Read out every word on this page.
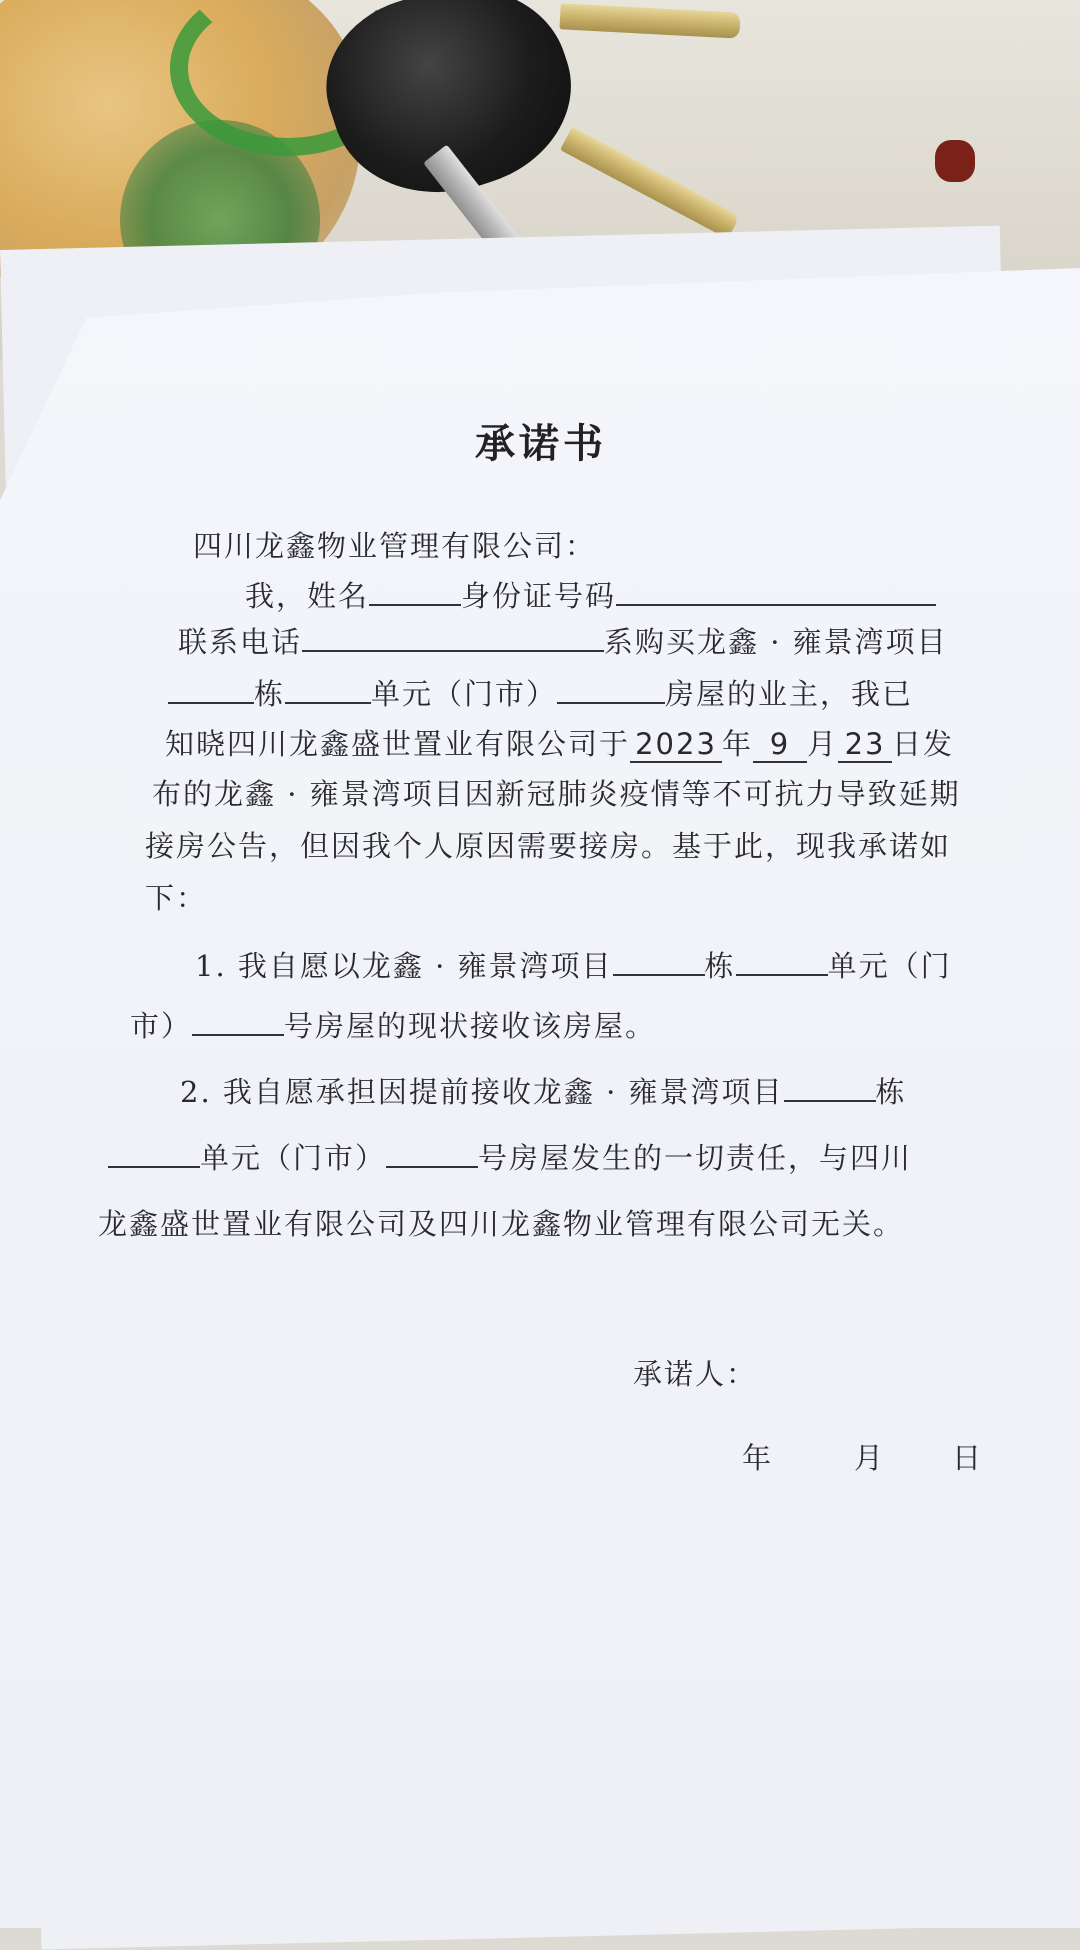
承诺书
四川龙鑫物业管理有限公司：
我，姓名	身份证号码
联系电话	系购买龙鑫 · 雍景湾项目
栋	单元（门市）	房屋的业主，我已
知晓四川龙鑫盛世置业有限公司于 2023 年 9 月 23 日发
布的龙鑫 · 雍景湾项目因新冠肺炎疫情等不可抗力导致延期
接房公告，但因我个人原因需要接房。基于此，现我承诺如
下：
1. 我自愿以龙鑫 · 雍景湾项目	栋	单元（门
市）	号房屋的现状接收该房屋。
2. 我自愿承担因提前接收龙鑫 · 雍景湾项目	栋
单元（门市）	号房屋发生的一切责任，与四川
龙鑫盛世置业有限公司及四川龙鑫物业管理有限公司无关。
承诺人：
年	月 日
